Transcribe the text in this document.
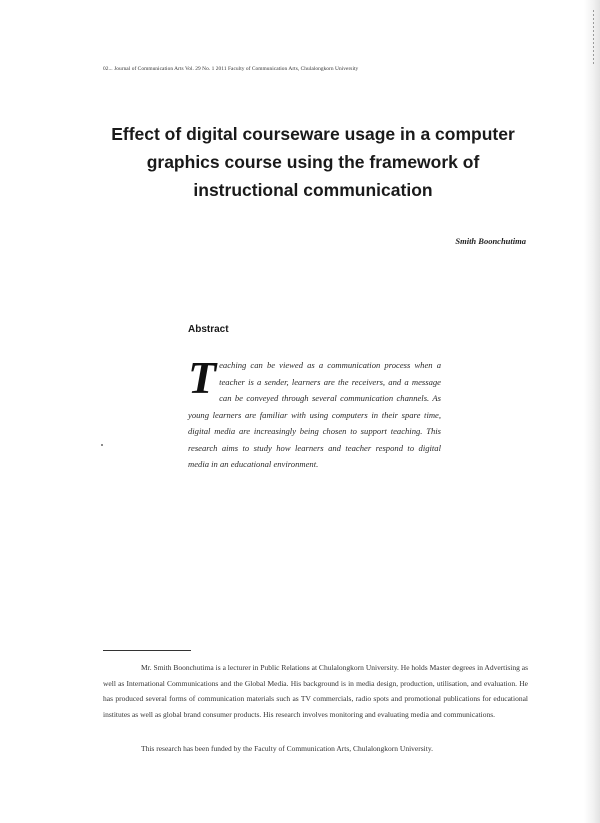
02... Journal of Communication Arts Vol. 29 No. 1 2011 Faculty of Communication Arts, Chulalongkorn University
Effect of digital courseware usage in a computer graphics course using the framework of instructional communication
Smith Boonchutima
Abstract
Teaching can be viewed as a communication process when a teacher is a sender, learners are the receivers, and a message can be conveyed through several communication channels. As young learners are familiar with using computers in their spare time, digital media are increasingly being chosen to support teaching. This research aims to study how learners and teacher respond to digital media in an educational environment.

Mr. Smith Boonchutima is a lecturer in Public Relations at Chulalongkorn University. He holds Master degrees in Advertising as well as International Communications and the Global Media. His background is in media design, production, utilisation, and evaluation. He has produced several forms of communication materials such as TV commercials, radio spots and promotional publications for educational institutes as well as global brand consumer products. His research involves monitoring and evaluating media and communications.

This research has been funded by the Faculty of Communication Arts, Chulalongkorn University.
